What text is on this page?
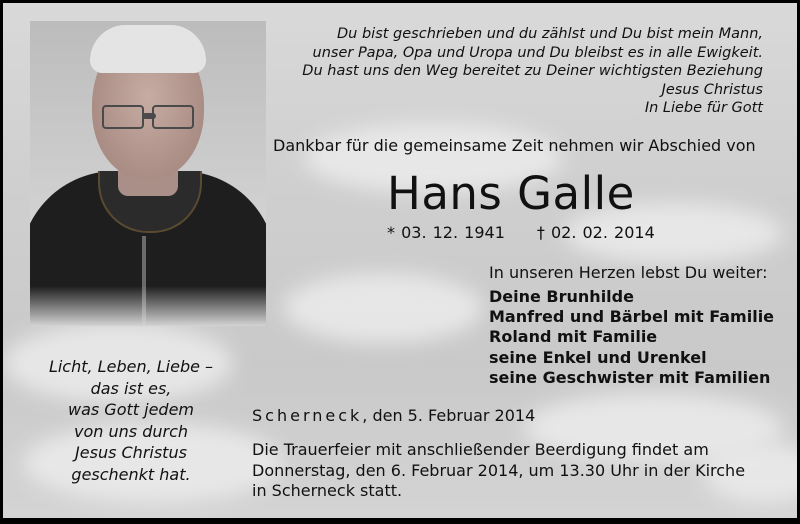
Du bist geschrieben und du zählst und Du bist mein Mann,
unser Papa, Opa und Uropa und Du bleibst es in alle Ewigkeit.
Du hast uns den Weg bereitet zu Deiner wichtigsten Beziehung
Jesus Christus
In Liebe für Gott
Dankbar für die gemeinsame Zeit nehmen wir Abschied von
Hans Galle
* 03. 12. 1941 † 02. 02. 2014
In unseren Herzen lebst Du weiter:
Deine Brunhilde
Manfred und Bärbel mit Familie
Roland mit Familie
seine Enkel und Urenkel
seine Geschwister mit Familien
Licht, Leben, Liebe –
das ist es,
was Gott jedem
von uns durch
Jesus Christus
geschenkt hat.
Scherneck, den 5. Februar 2014
Die Trauerfeier mit anschließender Beerdigung findet am
Donnerstag, den 6. Februar 2014, um 13.30 Uhr in der Kirche
in Scherneck statt.
